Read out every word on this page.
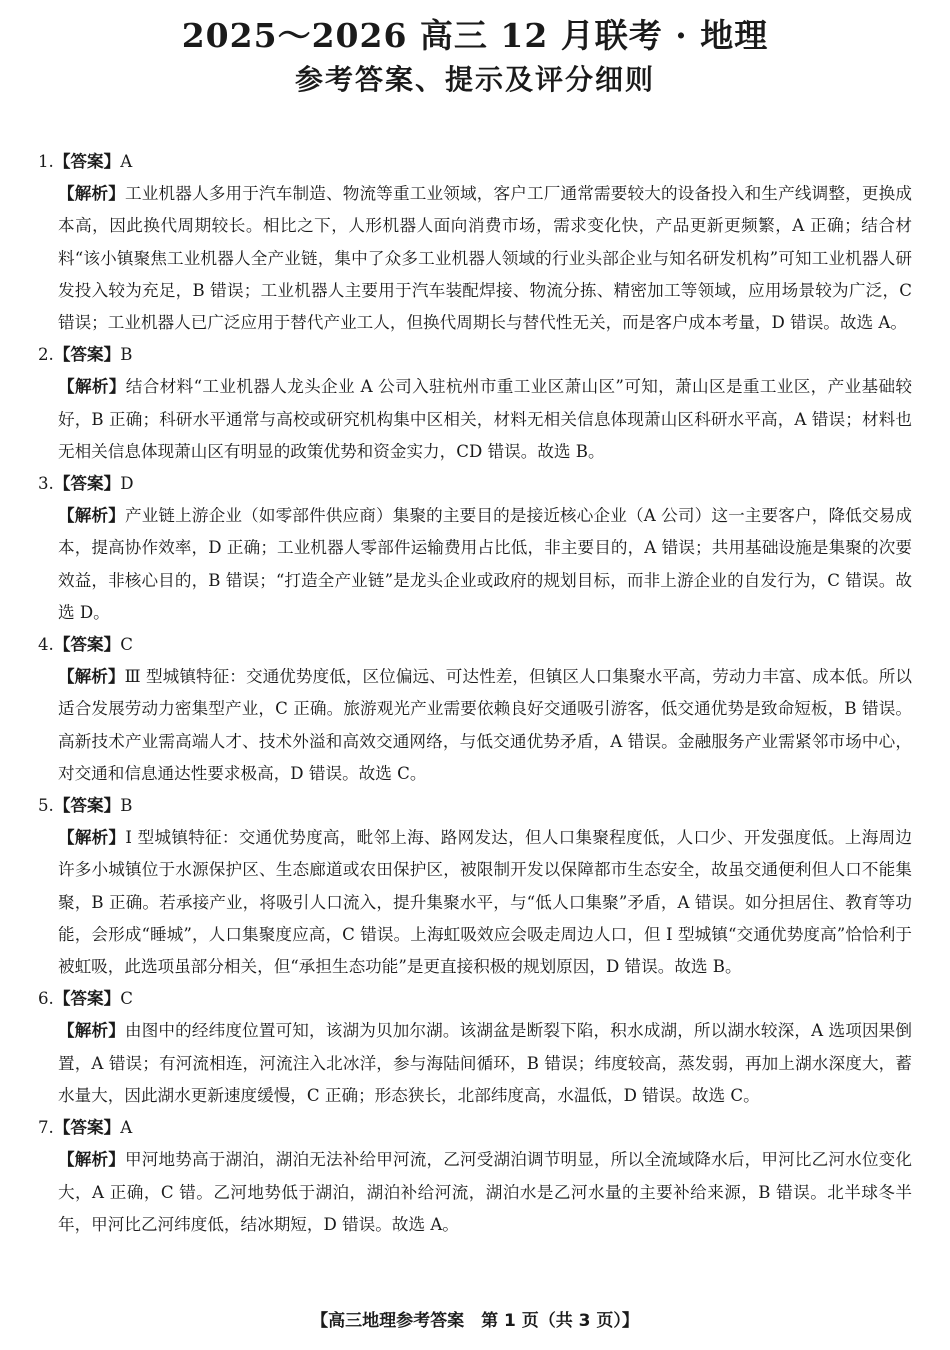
2025～2026 高三 12 月联考 · 地理
参考答案、提示及评分细则
1.【答案】A
【解析】工业机器人多用于汽车制造、物流等重工业领域，客户工厂通常需要较大的设备投入和生产线调整，更换成本高，因此换代周期较长。相比之下，人形机器人面向消费市场，需求变化快，产品更新更频繁，A 正确；结合材料“该小镇聚焦工业机器人全产业链，集中了众多工业机器人领域的行业头部企业与知名研发机构”可知工业机器人研发投入较为充足，B 错误；工业机器人主要用于汽车装配焊接、物流分拣、精密加工等领域，应用场景较为广泛，C 错误；工业机器人已广泛应用于替代产业工人，但换代周期长与替代性无关，而是客户成本考量，D 错误。故选 A。
2.【答案】B
【解析】结合材料“工业机器人龙头企业 A 公司入驻杭州市重工业区萧山区”可知，萧山区是重工业区，产业基础较好，B 正确；科研水平通常与高校或研究机构集中区相关，材料无相关信息体现萧山区科研水平高，A 错误；材料也无相关信息体现萧山区有明显的政策优势和资金实力，CD 错误。故选 B。
3.【答案】D
【解析】产业链上游企业（如零部件供应商）集聚的主要目的是接近核心企业（A 公司）这一主要客户，降低交易成本，提高协作效率，D 正确；工业机器人零部件运输费用占比低，非主要目的，A 错误；共用基础设施是集聚的次要效益，非核心目的，B 错误；“打造全产业链”是龙头企业或政府的规划目标，而非上游企业的自发行为，C 错误。故选 D。
4.【答案】C
【解析】Ⅲ 型城镇特征：交通优势度低，区位偏远、可达性差，但镇区人口集聚水平高，劳动力丰富、成本低。所以适合发展劳动力密集型产业，C 正确。旅游观光产业需要依赖良好交通吸引游客，低交通优势是致命短板，B 错误。高新技术产业需高端人才、技术外溢和高效交通网络，与低交通优势矛盾，A 错误。金融服务产业需紧邻市场中心，对交通和信息通达性要求极高，D 错误。故选 C。
5.【答案】B
【解析】Ⅰ 型城镇特征：交通优势度高，毗邻上海、路网发达，但人口集聚程度低，人口少、开发强度低。上海周边许多小城镇位于水源保护区、生态廊道或农田保护区，被限制开发以保障都市生态安全，故虽交通便利但人口不能集聚，B 正确。若承接产业，将吸引人口流入，提升集聚水平，与“低人口集聚”矛盾，A 错误。如分担居住、教育等功能，会形成“睡城”，人口集聚度应高，C 错误。上海虹吸效应会吸走周边人口，但 Ⅰ 型城镇“交通优势度高”恰恰利于被虹吸，此选项虽部分相关，但“承担生态功能”是更直接积极的规划原因，D 错误。故选 B。
6.【答案】C
【解析】由图中的经纬度位置可知，该湖为贝加尔湖。该湖盆是断裂下陷，积水成湖，所以湖水较深，A 选项因果倒置，A 错误；有河流相连，河流注入北冰洋，参与海陆间循环，B 错误；纬度较高，蒸发弱，再加上湖水深度大，蓄水量大，因此湖水更新速度缓慢，C 正确；形态狭长，北部纬度高，水温低，D 错误。故选 C。
7.【答案】A
【解析】甲河地势高于湖泊，湖泊无法补给甲河流，乙河受湖泊调节明显，所以全流域降水后，甲河比乙河水位变化大，A 正确，C 错。乙河地势低于湖泊，湖泊补给河流，湖泊水是乙河水量的主要补给来源，B 错误。北半球冬半年，甲河比乙河纬度低，结冰期短，D 错误。故选 A。
【高三地理参考答案　第 1 页（共 3 页）】
